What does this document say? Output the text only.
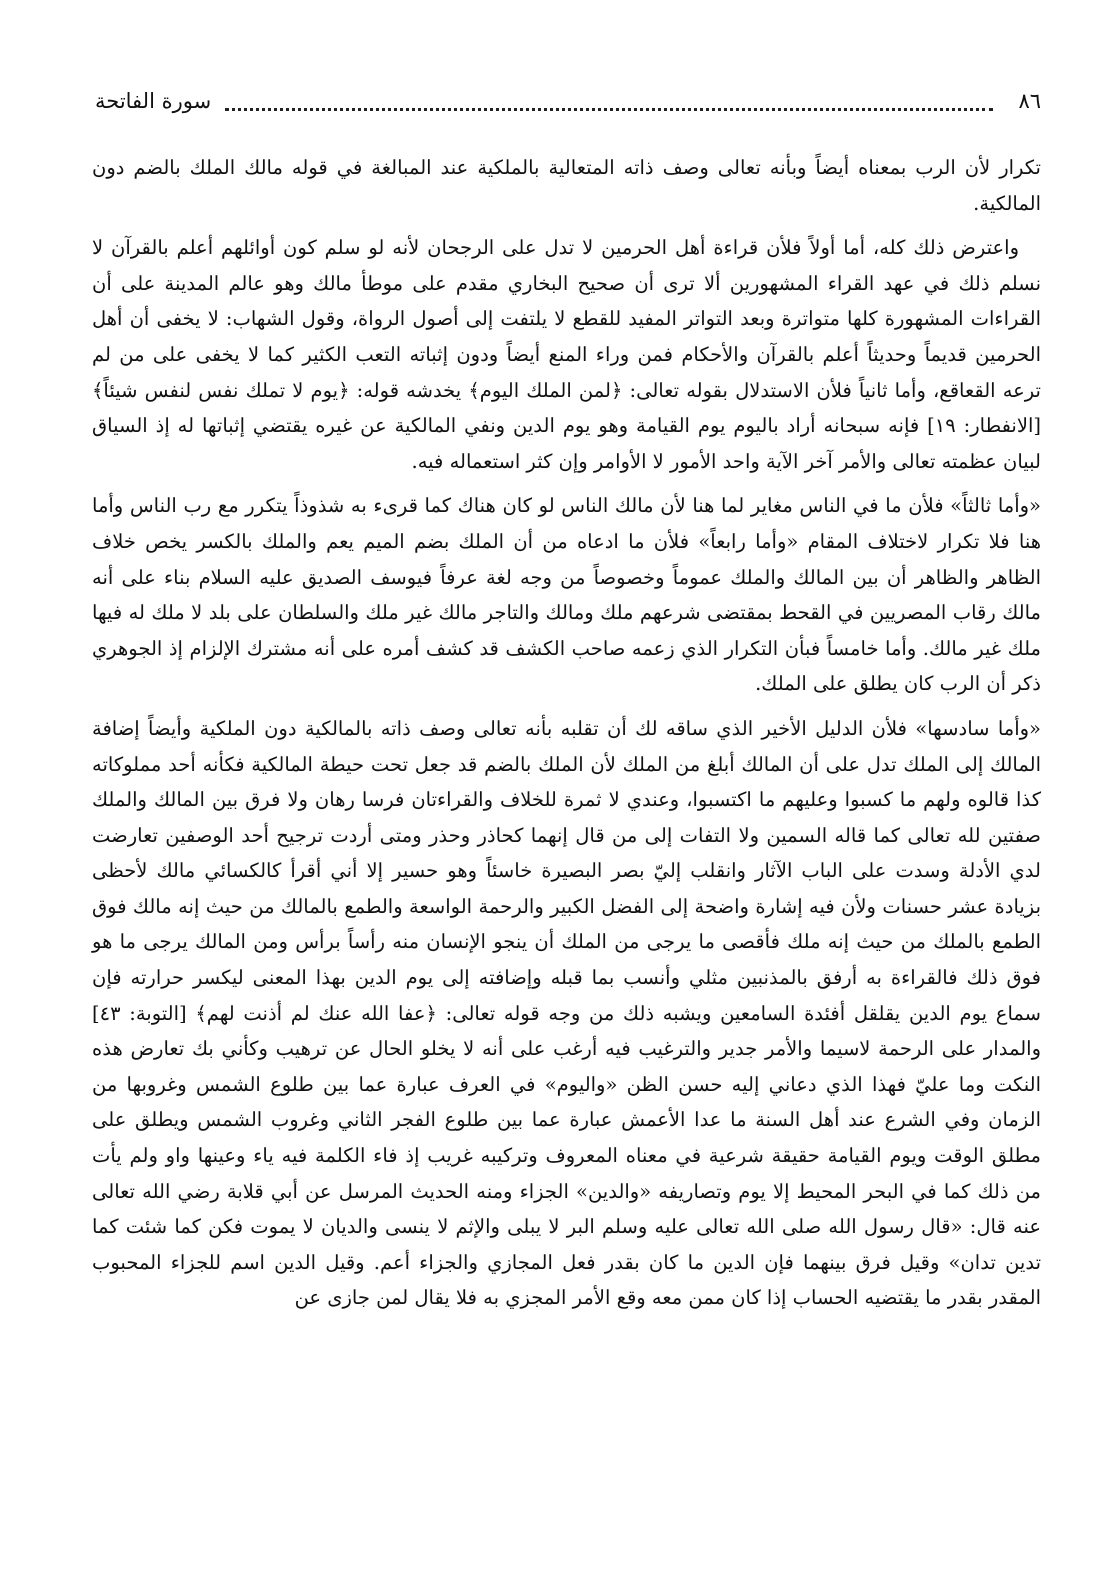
٨٦
سورة الفاتحة

تكرار لأن الرب بمعناه أيضاً وبأنه تعالى وصف ذاته المتعالية بالملكية عند المبالغة في قوله مالك الملك بالضم دون المالكية.

واعترض ذلك كله، أما أولاً فلأن قراءة أهل الحرمين لا تدل على الرجحان لأنه لو سلم كون أوائلهم أعلم بالقرآن لا نسلم ذلك في عهد القراء المشهورين ألا ترى أن صحيح البخاري مقدم على موطأ مالك وهو عالم المدينة على أن القراءات المشهورة كلها متواترة وبعد التواتر المفيد للقطع لا يلتفت إلى أصول الرواة، وقول الشهاب: لا يخفى أن أهل الحرمين قديماً وحديثاً أعلم بالقرآن والأحكام فمن وراء المنع أيضاً ودون إثباته التعب الكثير كما لا يخفى على من لم ترعه القعاقع، وأما ثانياً فلأن الاستدلال بقوله تعالى: ﴿لمن الملك اليوم﴾ يخدشه قوله: ﴿يوم لا تملك نفس لنفس شيئاً﴾ [الانفطار: ١٩] فإنه سبحانه أراد باليوم يوم القيامة وهو يوم الدين ونفي المالكية عن غيره يقتضي إثباتها له إذ السياق لبيان عظمته تعالى والأمر آخر الآية واحد الأمور لا الأوامر وإن كثر استعماله فيه.

«وأما ثالثاً» فلأن ما في الناس مغاير لما هنا لأن مالك الناس لو كان هناك كما قرىء به شذوذاً يتكرر مع رب الناس وأما هنا فلا تكرار لاختلاف المقام «وأما رابعاً» فلأن ما ادعاه من أن الملك بضم الميم يعم والملك بالكسر يخص خلاف الظاهر والظاهر أن بين المالك والملك عموماً وخصوصاً من وجه لغة عرفاً فيوسف الصديق عليه السلام بناء على أنه مالك رقاب المصريين في القحط بمقتضى شرعهم ملك ومالك والتاجر مالك غير ملك والسلطان على بلد لا ملك له فيها ملك غير مالك. وأما خامساً فبأن التكرار الذي زعمه صاحب الكشف قد كشف أمره على أنه مشترك الإلزام إذ الجوهري ذكر أن الرب كان يطلق على الملك.

«وأما سادسها» فلأن الدليل الأخير الذي ساقه لك أن تقلبه بأنه تعالى وصف ذاته بالمالكية دون الملكية وأيضاً إضافة المالك إلى الملك تدل على أن المالك أبلغ من الملك لأن الملك بالضم قد جعل تحت حيطة المالكية فكأنه أحد مملوكاته كذا قالوه ولهم ما كسبوا وعليهم ما اكتسبوا، وعندي لا ثمرة للخلاف والقراءتان فرسا رهان ولا فرق بين المالك والملك صفتين لله تعالى كما قاله السمين ولا التفات إلى من قال إنهما كحاذر وحذر ومتى أردت ترجيح أحد الوصفين تعارضت لدي الأدلة وسدت على الباب الآثار وانقلب إليّ بصر البصيرة خاسئاً وهو حسير إلا أني أقرأ كالكسائي مالك لأحظى بزيادة عشر حسنات ولأن فيه إشارة واضحة إلى الفضل الكبير والرحمة الواسعة والطمع بالمالك من حيث إنه مالك فوق الطمع بالملك من حيث إنه ملك فأقصى ما يرجى من الملك أن ينجو الإنسان منه رأساً برأس ومن المالك يرجى ما هو فوق ذلك فالقراءة به أرفق بالمذنبين مثلي وأنسب بما قبله وإضافته إلى يوم الدين بهذا المعنى ليكسر حرارته فإن سماع يوم الدين يقلقل أفئدة السامعين ويشبه ذلك من وجه قوله تعالى: ﴿عفا الله عنك لم أذنت لهم﴾ [التوبة: ٤٣] والمدار على الرحمة لاسيما والأمر جدير والترغيب فيه أرغب على أنه لا يخلو الحال عن ترهيب وكأني بك تعارض هذه النكت وما عليّ فهذا الذي دعاني إليه حسن الظن «واليوم» في العرف عبارة عما بين طلوع الشمس وغروبها من الزمان وفي الشرع عند أهل السنة ما عدا الأعمش عبارة عما بين طلوع الفجر الثاني وغروب الشمس ويطلق على مطلق الوقت ويوم القيامة حقيقة شرعية في معناه المعروف وتركيبه غريب إذ فاء الكلمة فيه ياء وعينها واو ولم يأت من ذلك كما في البحر المحيط إلا يوم وتصاريفه «والدين» الجزاء ومنه الحديث المرسل عن أبي قلابة رضي الله تعالى عنه قال: «قال رسول الله صلى الله تعالى عليه وسلم البر لا يبلى والإثم لا ينسى والديان لا يموت فكن كما شئت كما تدين تدان» وقيل فرق بينهما فإن الدين ما كان بقدر فعل المجازي والجزاء أعم. وقيل الدين اسم للجزاء المحبوب المقدر بقدر ما يقتضيه الحساب إذا كان ممن معه وقع الأمر المجزي به فلا يقال لمن جازى عن
